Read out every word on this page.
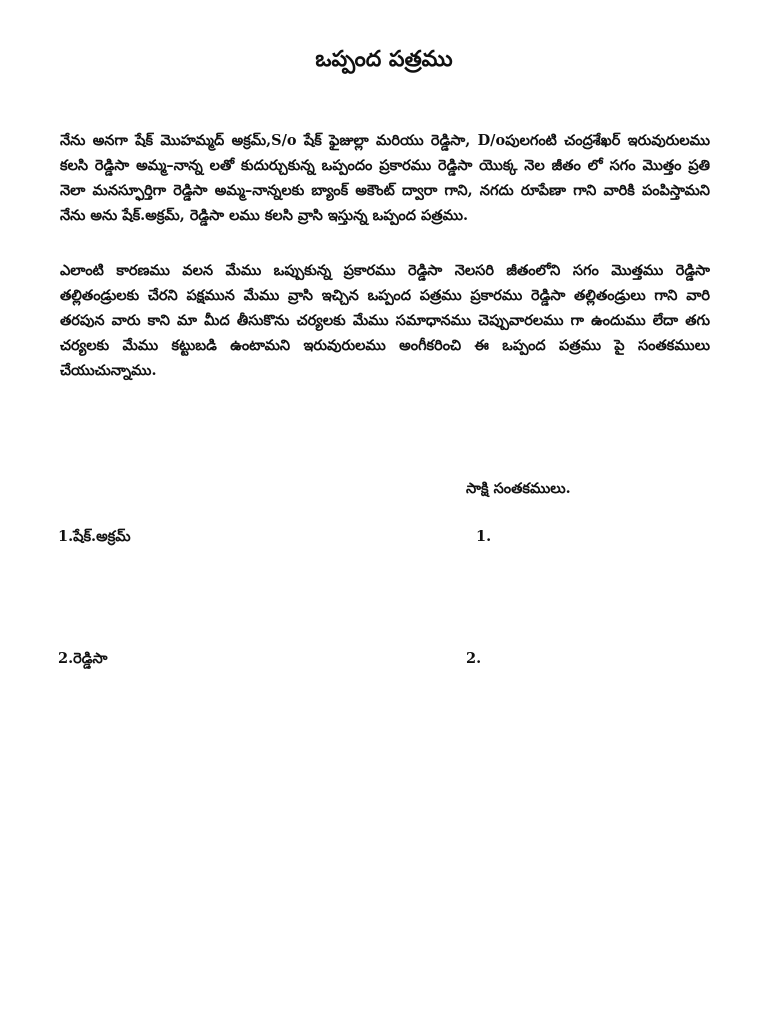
ఒప్పంద పత్రము
నేను అనగా షేక్ మొహమ్మద్ అక్రమ్,S/o షేక్ ఫైజుల్లా మరియు రెడ్డిసా, D/oపులగంటి చంద్రశేఖర్ ఇరువురులము కలసి రెడ్డిసా అమ్మ–నాన్న లతో కుదుర్చుకున్న ఒప్పందం ప్రకారము రెడ్డిసా యొక్క నెల జీతం లో సగం మొత్తం ప్రతి నెలా మనస్ఫూర్తిగా రెడ్డిసా అమ్మ–నాన్నలకు బ్యాంక్ అకౌంట్ ద్వారా గాని, నగదు రూపేణా గాని వారికి పంపిస్తామని నేను అను షేక్.అక్రమ్, రెడ్డిసా లము కలసి వ్రాసి ఇస్తున్న ఒప్పంద పత్రము.
ఎలాంటి కారణము వలన మేము ఒప్పుకున్న ప్రకారము రెడ్డిసా నెలసరి జీతంలోని సగం మొత్తము రెడ్డిసా తల్లితండ్రులకు చేరని పక్షమున మేము వ్రాసి ఇచ్చిన ఒప్పంద పత్రము ప్రకారము రెడ్డిసా తల్లితండ్రులు గాని వారి తరపున వారు కాని మా మీద తీసుకొను చర్యలకు మేము సమాధానము చెప్పువారలము గా ఉందుము లేదా తగు చర్యలకు మేము కట్టుబడి ఉంటామని ఇరువురులము అంగీకరించి ఈ ఒప్పంద పత్రము పై సంతకములు చేయుచున్నాము.
సాక్షి సంతకములు.
1.షేక్.అక్రమ్	1.
2.రెడ్డిసా	2.
